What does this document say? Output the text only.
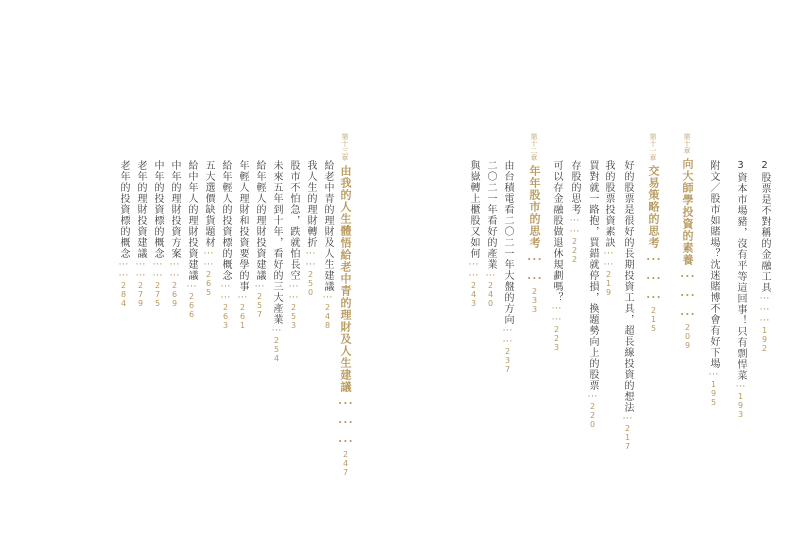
第十章向大師學投資的素養⋯⋯⋯209
2股票是不對稱的金融工具⋯⋯⋯192
3資本市場豬，沒有平等這回事！只有剽悍菜⋯193
附文／股市如賭場？沈迷賭博不會有好下場⋯195
第十一章交易策略的思考⋯⋯⋯215
好的股票是很好的長期投資工具，超長線投資的想法⋯217
我的股票投資素訣⋯⋯219
買對就一路抱，買錯就停損，換題勢向上的股票⋯220
存股的思考⋯⋯222
可以存金融股做退休規劃嗎？⋯⋯223
第十二章年年股市的思考⋯⋯233
由台積電看二〇二一年大盤的方向⋯⋯237
二〇二一年看好的產業⋯240
與嶽轉上櫃股又如何⋯⋯243
第十三章由我的人生體悟給老中青的理財及人生建議⋯⋯⋯247
給老中青的理財及人生建議⋯248
我人生的理財轉折⋯⋯250
股市不怕急，跌就怕長空⋯⋯253
未來五年到十年，看好的三大產業⋯254
給年輕人的理財投資建議⋯257
年輕人理財和投資要學的事⋯261
給年輕人的投資標的概念⋯⋯263
五大選價缺貨題材⋯⋯265
給中年人的理財投資建議⋯266
中年的理財投資方案⋯⋯269
中年的投資標的概念⋯⋯275
老年的理財投資建議⋯⋯279
老年的投資標的概念⋯⋯284
